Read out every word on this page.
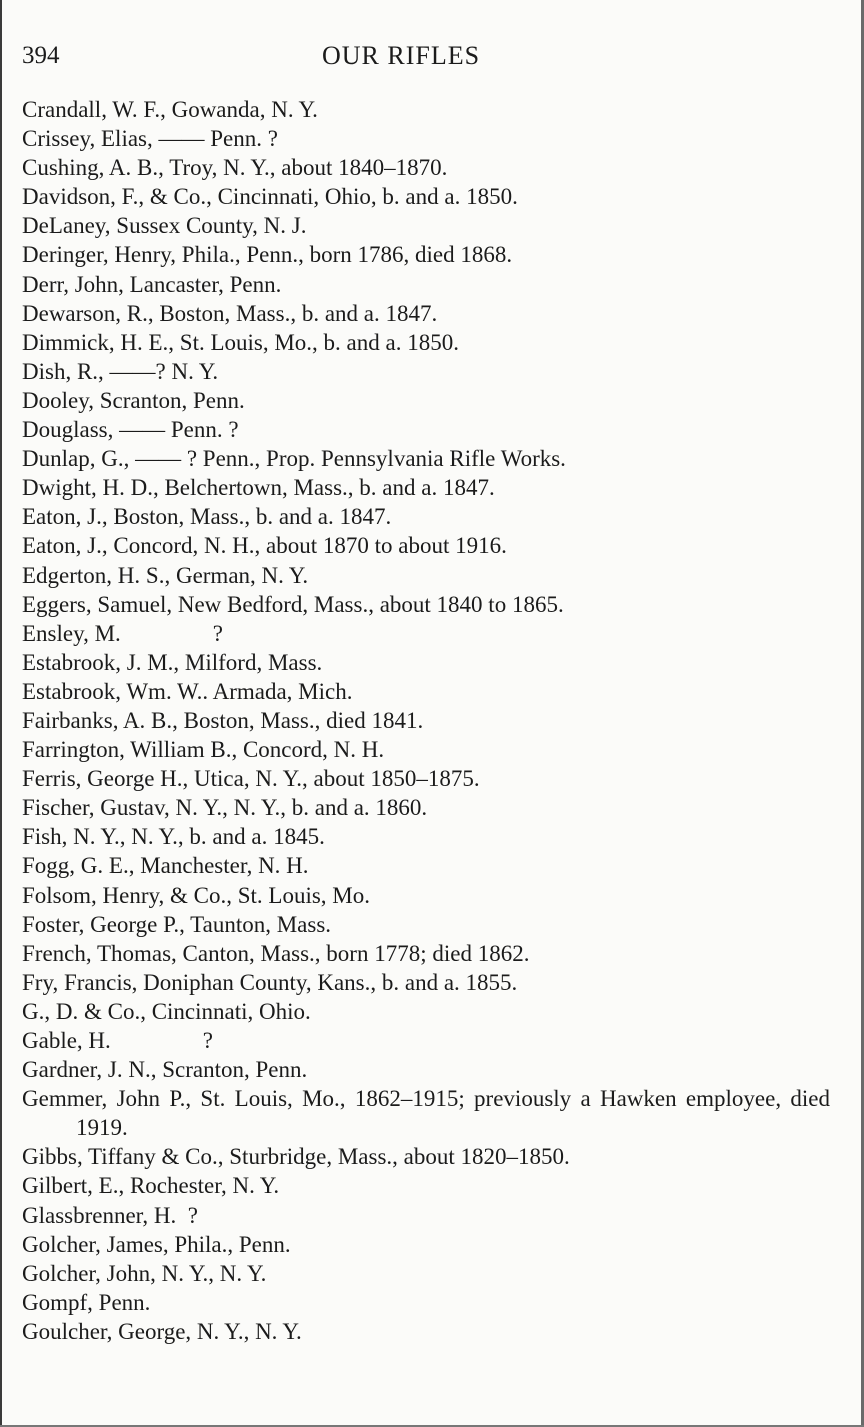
394	OUR RIFLES
Crandall, W. F., Gowanda, N. Y.
Crissey, Elias, —— Penn. ?
Cushing, A. B., Troy, N. Y., about 1840–1870.
Davidson, F., & Co., Cincinnati, Ohio, b. and a. 1850.
DeLaney, Sussex County, N. J.
Deringer, Henry, Phila., Penn., born 1786, died 1868.
Derr, John, Lancaster, Penn.
Dewarson, R., Boston, Mass., b. and a. 1847.
Dimmick, H. E., St. Louis, Mo., b. and a. 1850.
Dish, R., ——? N. Y.
Dooley, Scranton, Penn.
Douglass, —— Penn. ?
Dunlap, G., —— ? Penn., Prop. Pennsylvania Rifle Works.
Dwight, H. D., Belchertown, Mass., b. and a. 1847.
Eaton, J., Boston, Mass., b. and a. 1847.
Eaton, J., Concord, N. H., about 1870 to about 1916.
Edgerton, H. S., German, N. Y.
Eggers, Samuel, New Bedford, Mass., about 1840 to 1865.
Ensley, M.                ?
Estabrook, J. M., Milford, Mass.
Estabrook, Wm. W.. Armada, Mich.
Fairbanks, A. B., Boston, Mass., died 1841.
Farrington, William B., Concord, N. H.
Ferris, George H., Utica, N. Y., about 1850–1875.
Fischer, Gustav, N. Y., N. Y., b. and a. 1860.
Fish, N. Y., N. Y., b. and a. 1845.
Fogg, G. E., Manchester, N. H.
Folsom, Henry, & Co., St. Louis, Mo.
Foster, George P., Taunton, Mass.
French, Thomas, Canton, Mass., born 1778; died 1862.
Fry, Francis, Doniphan County, Kans., b. and a. 1855.
G., D. & Co., Cincinnati, Ohio.
Gable, H.                ?
Gardner, J. N., Scranton, Penn.
Gemmer, John P., St. Louis, Mo., 1862–1915; previously a Hawken employee, died 1919.
Gibbs, Tiffany & Co., Sturbridge, Mass., about 1820–1850.
Gilbert, E., Rochester, N. Y.
Glassbrenner, H.  ?
Golcher, James, Phila., Penn.
Golcher, John, N. Y., N. Y.
Gompf, Penn.
Goulcher, George, N. Y., N. Y.
